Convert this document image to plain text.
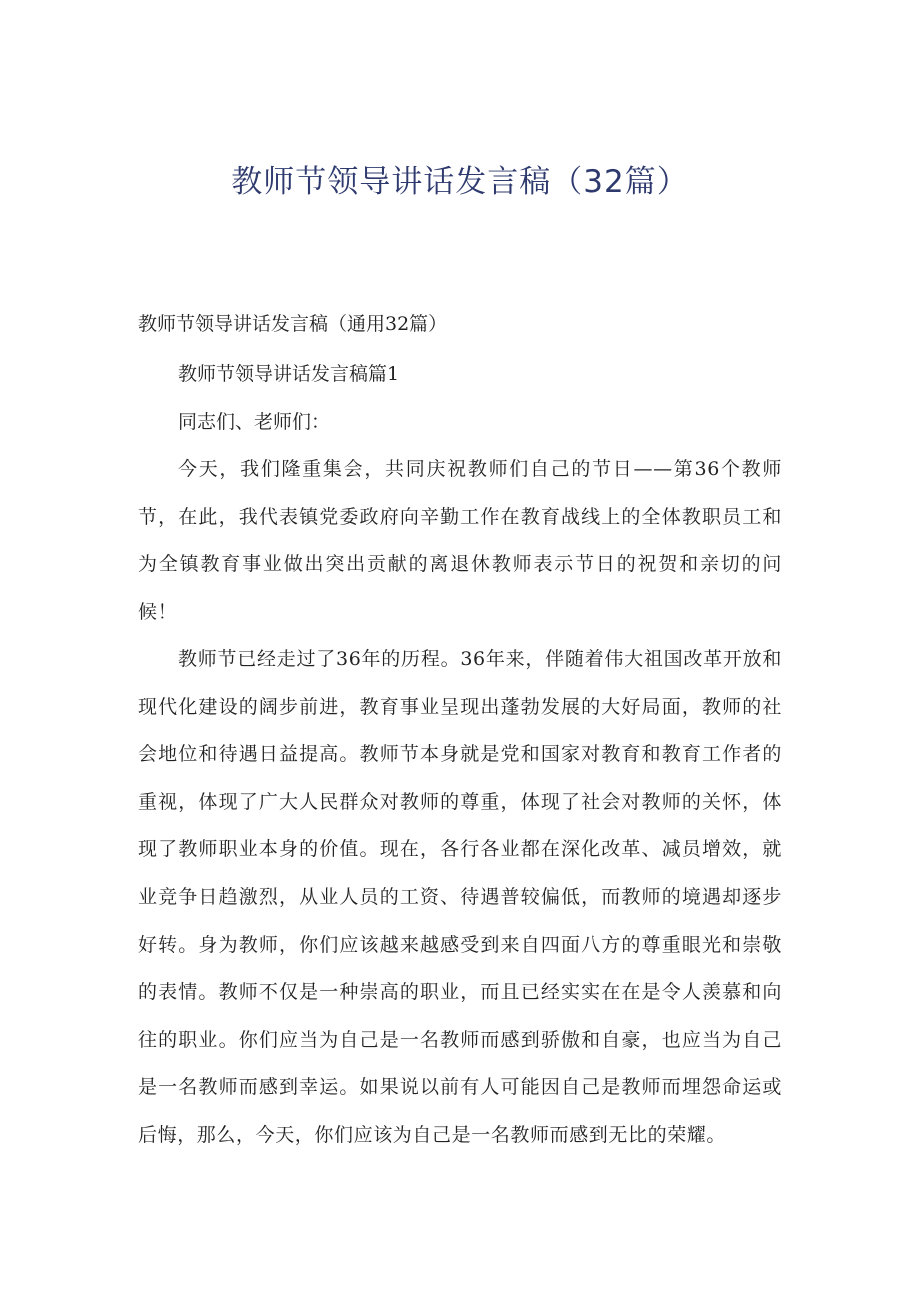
教师节领导讲话发言稿（32篇）

教师节领导讲话发言稿（通用32篇）

教师节领导讲话发言稿篇1

同志们、老师们：

今天，我们隆重集会，共同庆祝教师们自己的节日——第36个教师节，在此，我代表镇党委政府向辛勤工作在教育战线上的全体教职员工和为全镇教育事业做出突出贡献的离退休教师表示节日的祝贺和亲切的问候！

教师节已经走过了36年的历程。36年来，伴随着伟大祖国改革开放和现代化建设的阔步前进，教育事业呈现出蓬勃发展的大好局面，教师的社会地位和待遇日益提高。教师节本身就是党和国家对教育和教育工作者的重视，体现了广大人民群众对教师的尊重，体现了社会对教师的关怀，体现了教师职业本身的价值。现在，各行各业都在深化改革、减员增效，就业竞争日趋激烈，从业人员的工资、待遇普较偏低，而教师的境遇却逐步好转。身为教师，你们应该越来越感受到来自四面八方的尊重眼光和崇敬的表情。教师不仅是一种崇高的职业，而且已经实实在在是令人羡慕和向往的职业。你们应当为自己是一名教师而感到骄傲和自豪，也应当为自己是一名教师而感到幸运。如果说以前有人可能因自己是教师而埋怨命运或后悔，那么，今天，你们应该为自己是一名教师而感到无比的荣耀。
